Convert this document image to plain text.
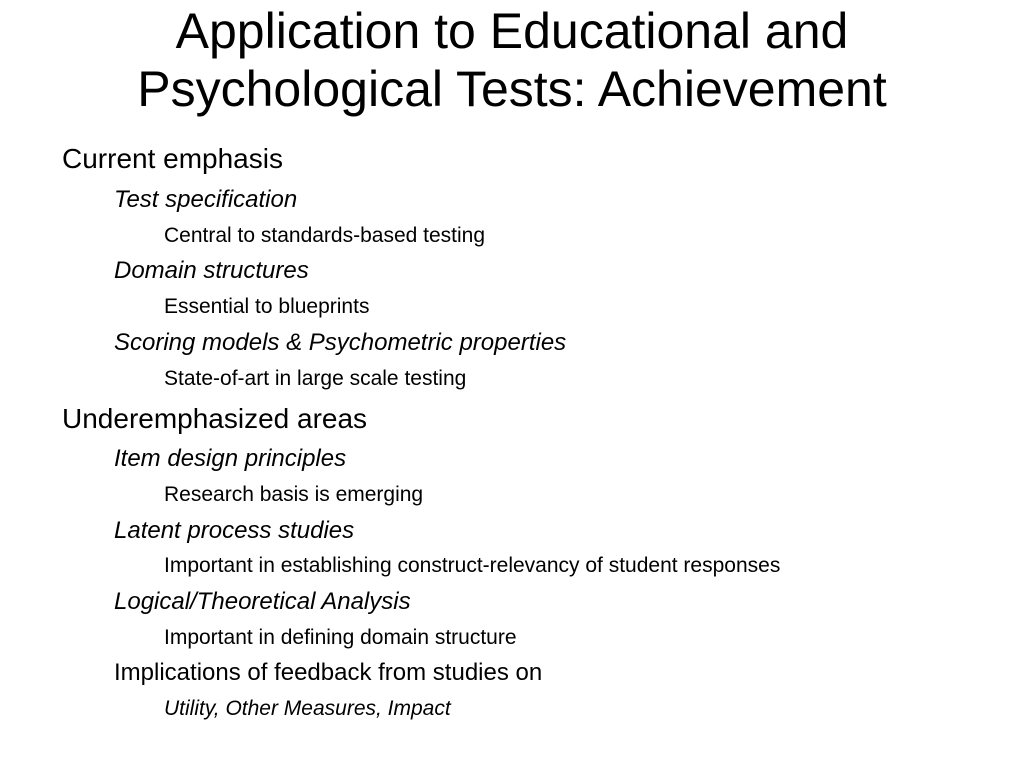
Application to Educational and
Psychological Tests: Achievement

Current emphasis

Test specification

Central to standards-based testing

Domain structures

Essential to blueprints

Scoring models & Psychometric properties

State-of-art in large scale testing

Underemphasized areas

Item design principles

Research basis is emerging

Latent process studies

Important in establishing construct-relevancy of student responses

Logical/Theoretical Analysis

Important in defining domain structure

Implications of feedback from studies on

Utility, Other Measures, Impact
